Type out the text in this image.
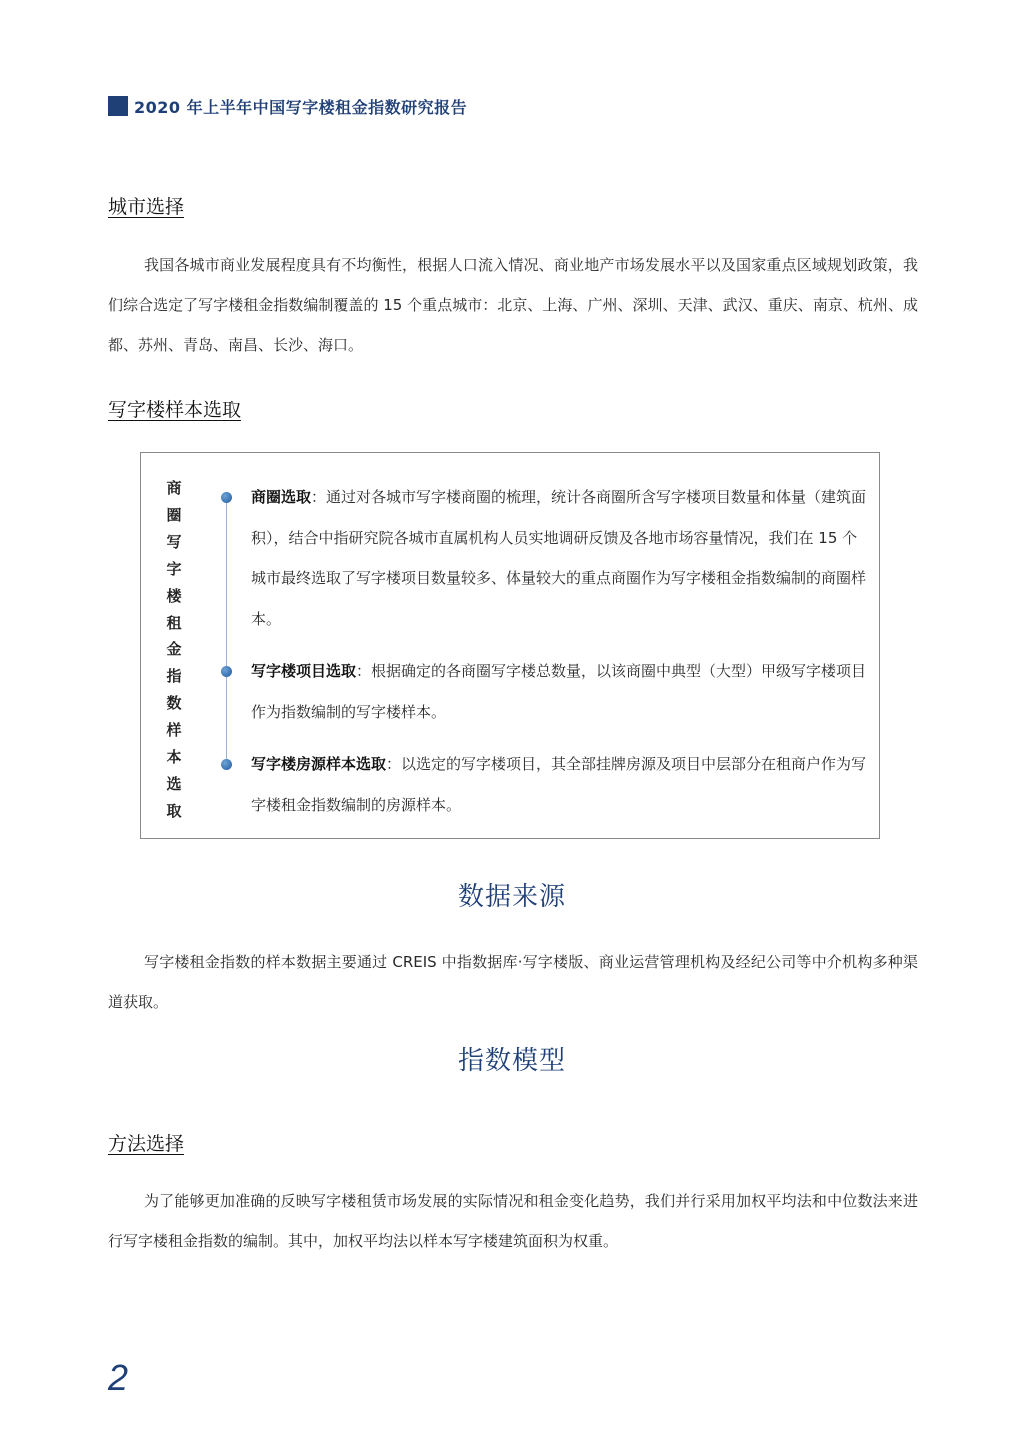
2020 年上半年中国写字楼租金指数研究报告
城市选择

我国各城市商业发展程度具有不均衡性，根据人口流入情况、商业地产市场发展水平以及国家重点区域规划政策，我们综合选定了写字楼租金指数编制覆盖的 15 个重点城市：北京、上海、广州、深圳、天津、武汉、重庆、南京、杭州、成都、苏州、青岛、南昌、长沙、海口。

写字楼样本选取
商
圈
写
字
楼
租
金
指
数
样
本
选
取
商圈选取：通过对各城市写字楼商圈的梳理，统计各商圈所含写字楼项目数量和体量（建筑面积），结合中指研究院各城市直属机构人员实地调研反馈及各地市场容量情况，我们在 15 个城市最终选取了写字楼项目数量较多、体量较大的重点商圈作为写字楼租金指数编制的商圈样本。
写字楼项目选取：根据确定的各商圈写字楼总数量，以该商圈中典型（大型）甲级写字楼项目作为指数编制的写字楼样本。
写字楼房源样本选取：以选定的写字楼项目，其全部挂牌房源及项目中层部分在租商户作为写字楼租金指数编制的房源样本。
数据来源

写字楼租金指数的样本数据主要通过 CREIS 中指数据库·写字楼版、商业运营管理机构及经纪公司等中介机构多种渠道获取。

指数模型
方法选择

为了能够更加准确的反映写字楼租赁市场发展的实际情况和租金变化趋势，我们并行采用加权平均法和中位数法来进行写字楼租金指数的编制。其中，加权平均法以样本写字楼建筑面积为权重。

2
